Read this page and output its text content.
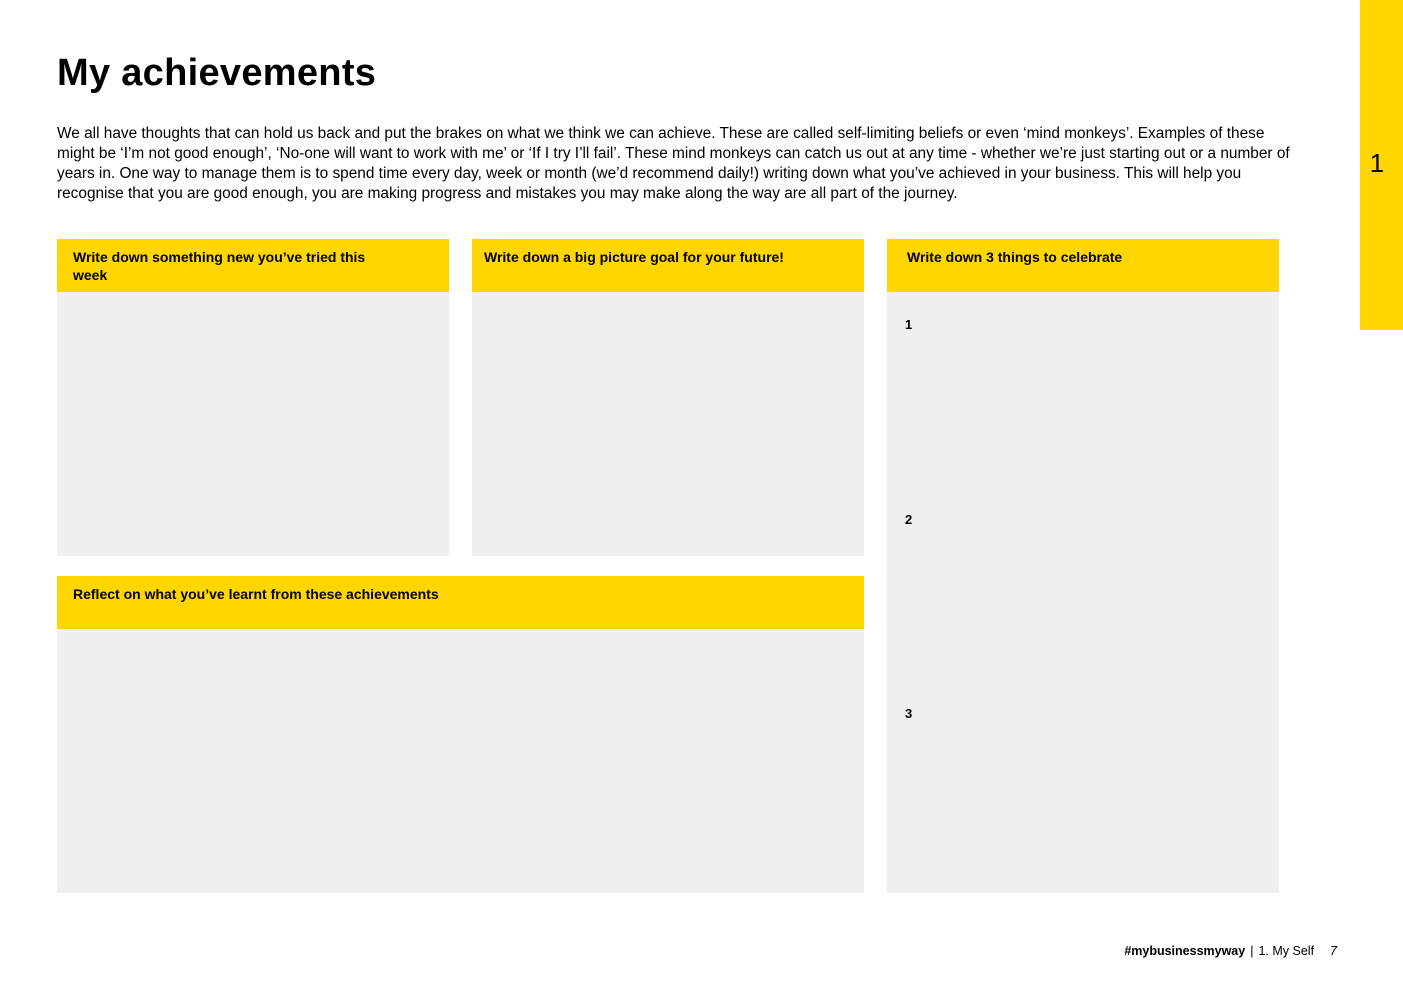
1
My achievements

We all have thoughts that can hold us back and put the brakes on what we think we can achieve. These are called self-limiting beliefs or even ‘mind monkeys’. Examples of these might be ‘I’m not good enough’, ‘No-one will want to work with me’ or ‘If I try I’ll fail’. These mind monkeys can catch us out at any time - whether we’re just starting out or a number of years in. One way to manage them is to spend time every day, week or month (we’d recommend daily!) writing down what you’ve achieved in your business. This will help you recognise that you are good enough, you are making progress and mistakes you may make along the way are all part of the journey.

Write down something new you’ve tried this week
Write down a big picture goal for your future!	Write down 3 things to celebrate
1
2
3
Reflect on what you’ve learnt from these achievements
#mybusinessmyway | 1. My Self 7
